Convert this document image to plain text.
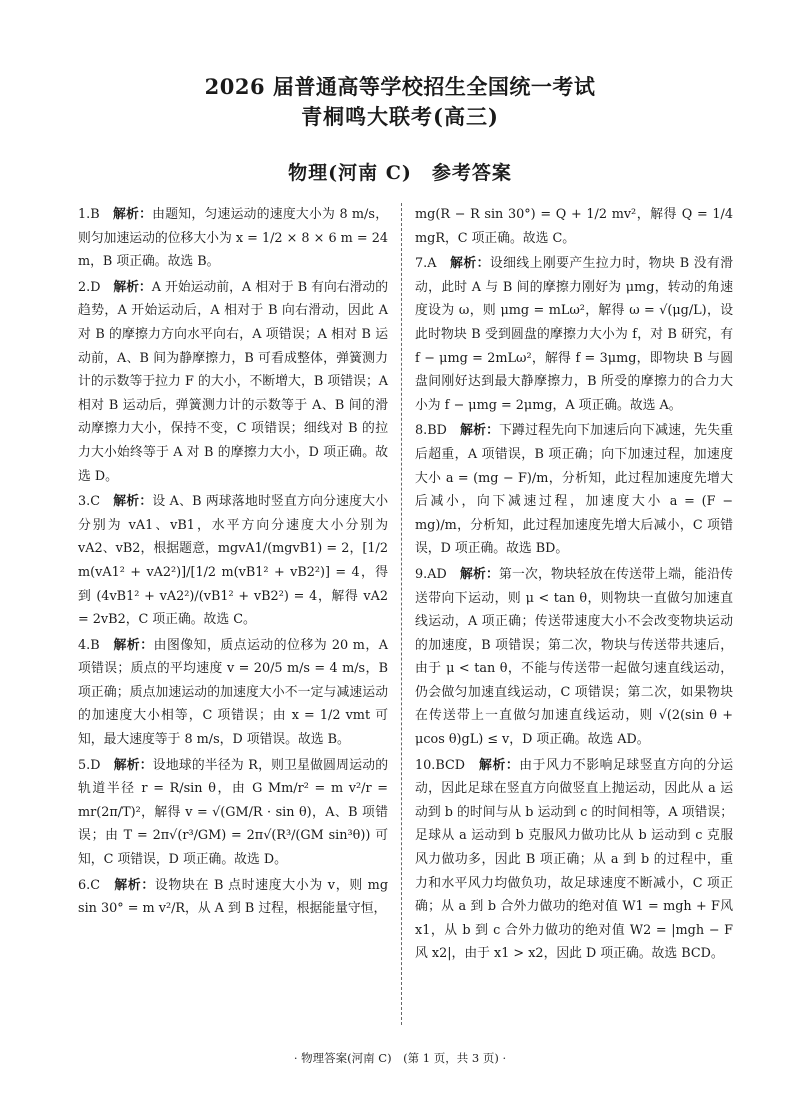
2026 届普通高等学校招生全国统一考试
青桐鸣大联考(高三)
物理(河南 C)　参考答案

1.B　 解析：由题知，匀速运动的速度大小为 8 m/s，则匀加速运动的位移大小为 x = 1/2 × 8 × 6 m = 24 m，B 项正确。故选 B。

2.D　 解析：A 开始运动前，A 相对于 B 有向右滑动的趋势，A 开始运动后，A 相对于 B 向右滑动，因此 A 对 B 的摩擦力方向水平向右，A 项错误；A 相对 B 运动前，A、B 间为静摩擦力，B 可看成整体，弹簧测力计的示数等于拉力 F 的大小，不断增大，B 项错误；A 相对 B 运动后，弹簧测力计的示数等于 A、B 间的滑动摩擦力大小，保持不变，C 项错误；细线对 B 的拉力大小始终等于 A 对 B 的摩擦力大小，D 项正确。故选 D。

3.C　 解析：设 A、B 两球落地时竖直方向分速度大小分别为 vA1、vB1，水平方向分速度大小分别为 vA2、vB2，根据题意，mgvA1/(mgvB1) = 2，[1/2 m(vA1² + vA2²)]/[1/2 m(vB1² + vB2²)] = 4，得到 (4vB1² + vA2²)/(vB1² + vB2²) = 4，解得 vA2 = 2vB2，C 项正确。故选 C。

4.B　 解析：由图像知，质点运动的位移为 20 m，A 项错误；质点的平均速度 v = 20/5 m/s = 4 m/s，B 项正确；质点加速运动的加速度大小不一定与减速运动的加速度大小相等，C 项错误；由 x = 1/2 vmt 可知，最大速度等于 8 m/s，D 项错误。故选 B。

5.D　 解析：设地球的半径为 R，则卫星做圆周运动的轨道半径 r = R/sin θ，由 G Mm/r² = m v²/r = mr(2π/T)²，解得 v = √(GM/R · sin θ)，A、B 项错误；由 T = 2π√(r³/GM) = 2π√(R³/(GM sin³θ)) 可知，C 项错误，D 项正确。故选 D。

6.C　 解析：设物块在 B 点时速度大小为 v，则 mg sin 30° = m v²/R，从 A 到 B 过程，根据能量守恒，

mg(R − R sin 30°) = Q + 1/2 mv²，解得 Q = 1/4 mgR，C 项正确。故选 C。

7.A　 解析：设细线上刚要产生拉力时，物块 B 没有滑动，此时 A 与 B 间的摩擦力刚好为 μmg，转动的角速度设为 ω，则 μmg = mLω²，解得 ω = √(μg/L)，设此时物块 B 受到圆盘的摩擦力大小为 f，对 B 研究，有 f − μmg = 2mLω²，解得 f = 3μmg，即物块 B 与圆盘间刚好达到最大静摩擦力，B 所受的摩擦力的合力大小为 f − μmg = 2μmg，A 项正确。故选 A。

8.BD　 解析：下蹲过程先向下加速后向下减速，先失重后超重，A 项错误，B 项正确；向下加速过程，加速度大小 a = (mg − F)/m，分析知，此过程加速度先增大后减小，向下减速过程，加速度大小 a = (F − mg)/m，分析知，此过程加速度先增大后减小，C 项错误，D 项正确。故选 BD。

9.AD　 解析：第一次，物块轻放在传送带上端，能沿传送带向下运动，则 μ < tan θ，则物块一直做匀加速直线运动，A 项正确；传送带速度大小不会改变物块运动的加速度，B 项错误；第二次，物块与传送带共速后，由于 μ < tan θ，不能与传送带一起做匀速直线运动，仍会做匀加速直线运动，C 项错误；第二次，如果物块在传送带上一直做匀加速直线运动，则 √(2(sin θ + μcos θ)gL) ≤ v，D 项正确。故选 AD。

10.BCD　 解析：由于风力不影响足球竖直方向的分运动，因此足球在竖直方向做竖直上抛运动，因此从 a 运动到 b 的时间与从 b 运动到 c 的时间相等，A 项错误；足球从 a 运动到 b 克服风力做功比从 b 运动到 c 克服风力做功多，因此 B 项正确；从 a 到 b 的过程中，重力和水平风力均做负功，故足球速度不断减小，C 项正确；从 a 到 b 合外力做功的绝对值 W1 = mgh + F风 x1，从 b 到 c 合外力做功的绝对值 W2 = |mgh − F风 x2|，由于 x1 > x2，因此 D 项正确。故选 BCD。

· 物理答案(河南 C)　(第 1 页，共 3 页) ·
